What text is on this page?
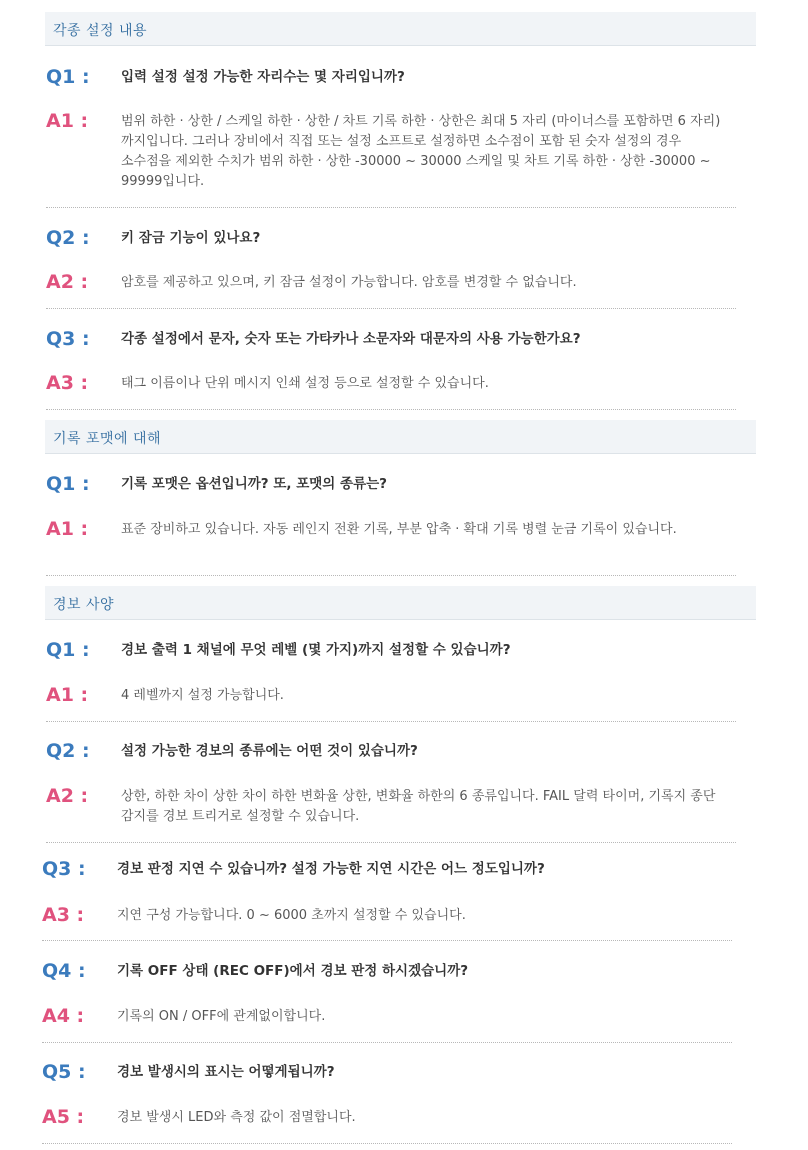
각종 설정 내용
Q1 : 입력 설정 설정 가능한 자리수는 몇 자리입니까?
A1 :	범위 하한 · 상한 / 스케일 하한 · 상한 / 차트 기록 하한 · 상한은 최대 5 자리 (마이너스를 포함하면 6 자리)까지입니다. 그러나 장비에서 직접 또는 설정 소프트로 설정하면 소수점이 포함 된 숫자 설정의 경우 소수점을 제외한 수치가 범위 하한 · 상한 -30000 ~ 30000 스케일 및 차트 기록 하한 · 상한 -30000 ~ 99999입니다.
Q2 : 키 잠금 기능이 있나요?
A2 :	암호를 제공하고 있으며, 키 잠금 설정이 가능합니다. 암호를 변경할 수 없습니다.
Q3 : 각종 설정에서 문자, 숫자 또는 가타카나 소문자와 대문자의 사용 가능한가요?
A3 :	태그 이름이나 단위 메시지 인쇄 설정 등으로 설정할 수 있습니다.
기록 포맷에 대해
Q1 : 기록 포맷은 옵션입니까? 또, 포맷의 종류는?
A1 :	표준 장비하고 있습니다. 자동 레인지 전환 기록, 부분 압축 · 확대 기록 병렬 눈금 기록이 있습니다.
경보 사양
Q1 : 경보 출력 1 채널에 무엇 레벨 (몇 가지)까지 설정할 수 있습니까?
A1 :	4 레벨까지 설정 가능합니다.
Q2 : 설정 가능한 경보의 종류에는 어떤 것이 있습니까?
A2 :	상한, 하한 차이 상한 차이 하한 변화율 상한, 변화율 하한의 6 종류입니다. FAIL 달력 타이머, 기록지 종단 감지를 경보 트리거로 설정할 수 있습니다.
Q3 : 경보 판정 지연 수 있습니까? 설정 가능한 지연 시간은 어느 정도입니까?
A3 :	지연 구성 가능합니다. 0 ~ 6000 초까지 설정할 수 있습니다.
Q4 : 기록 OFF 상태 (REC OFF)에서 경보 판정 하시겠습니까?
A4 :	기록의 ON / OFF에 관계없이합니다.
Q5 : 경보 발생시의 표시는 어떻게됩니까?
A5 :	경보 발생시 LED와 측정 값이 점멸합니다.
